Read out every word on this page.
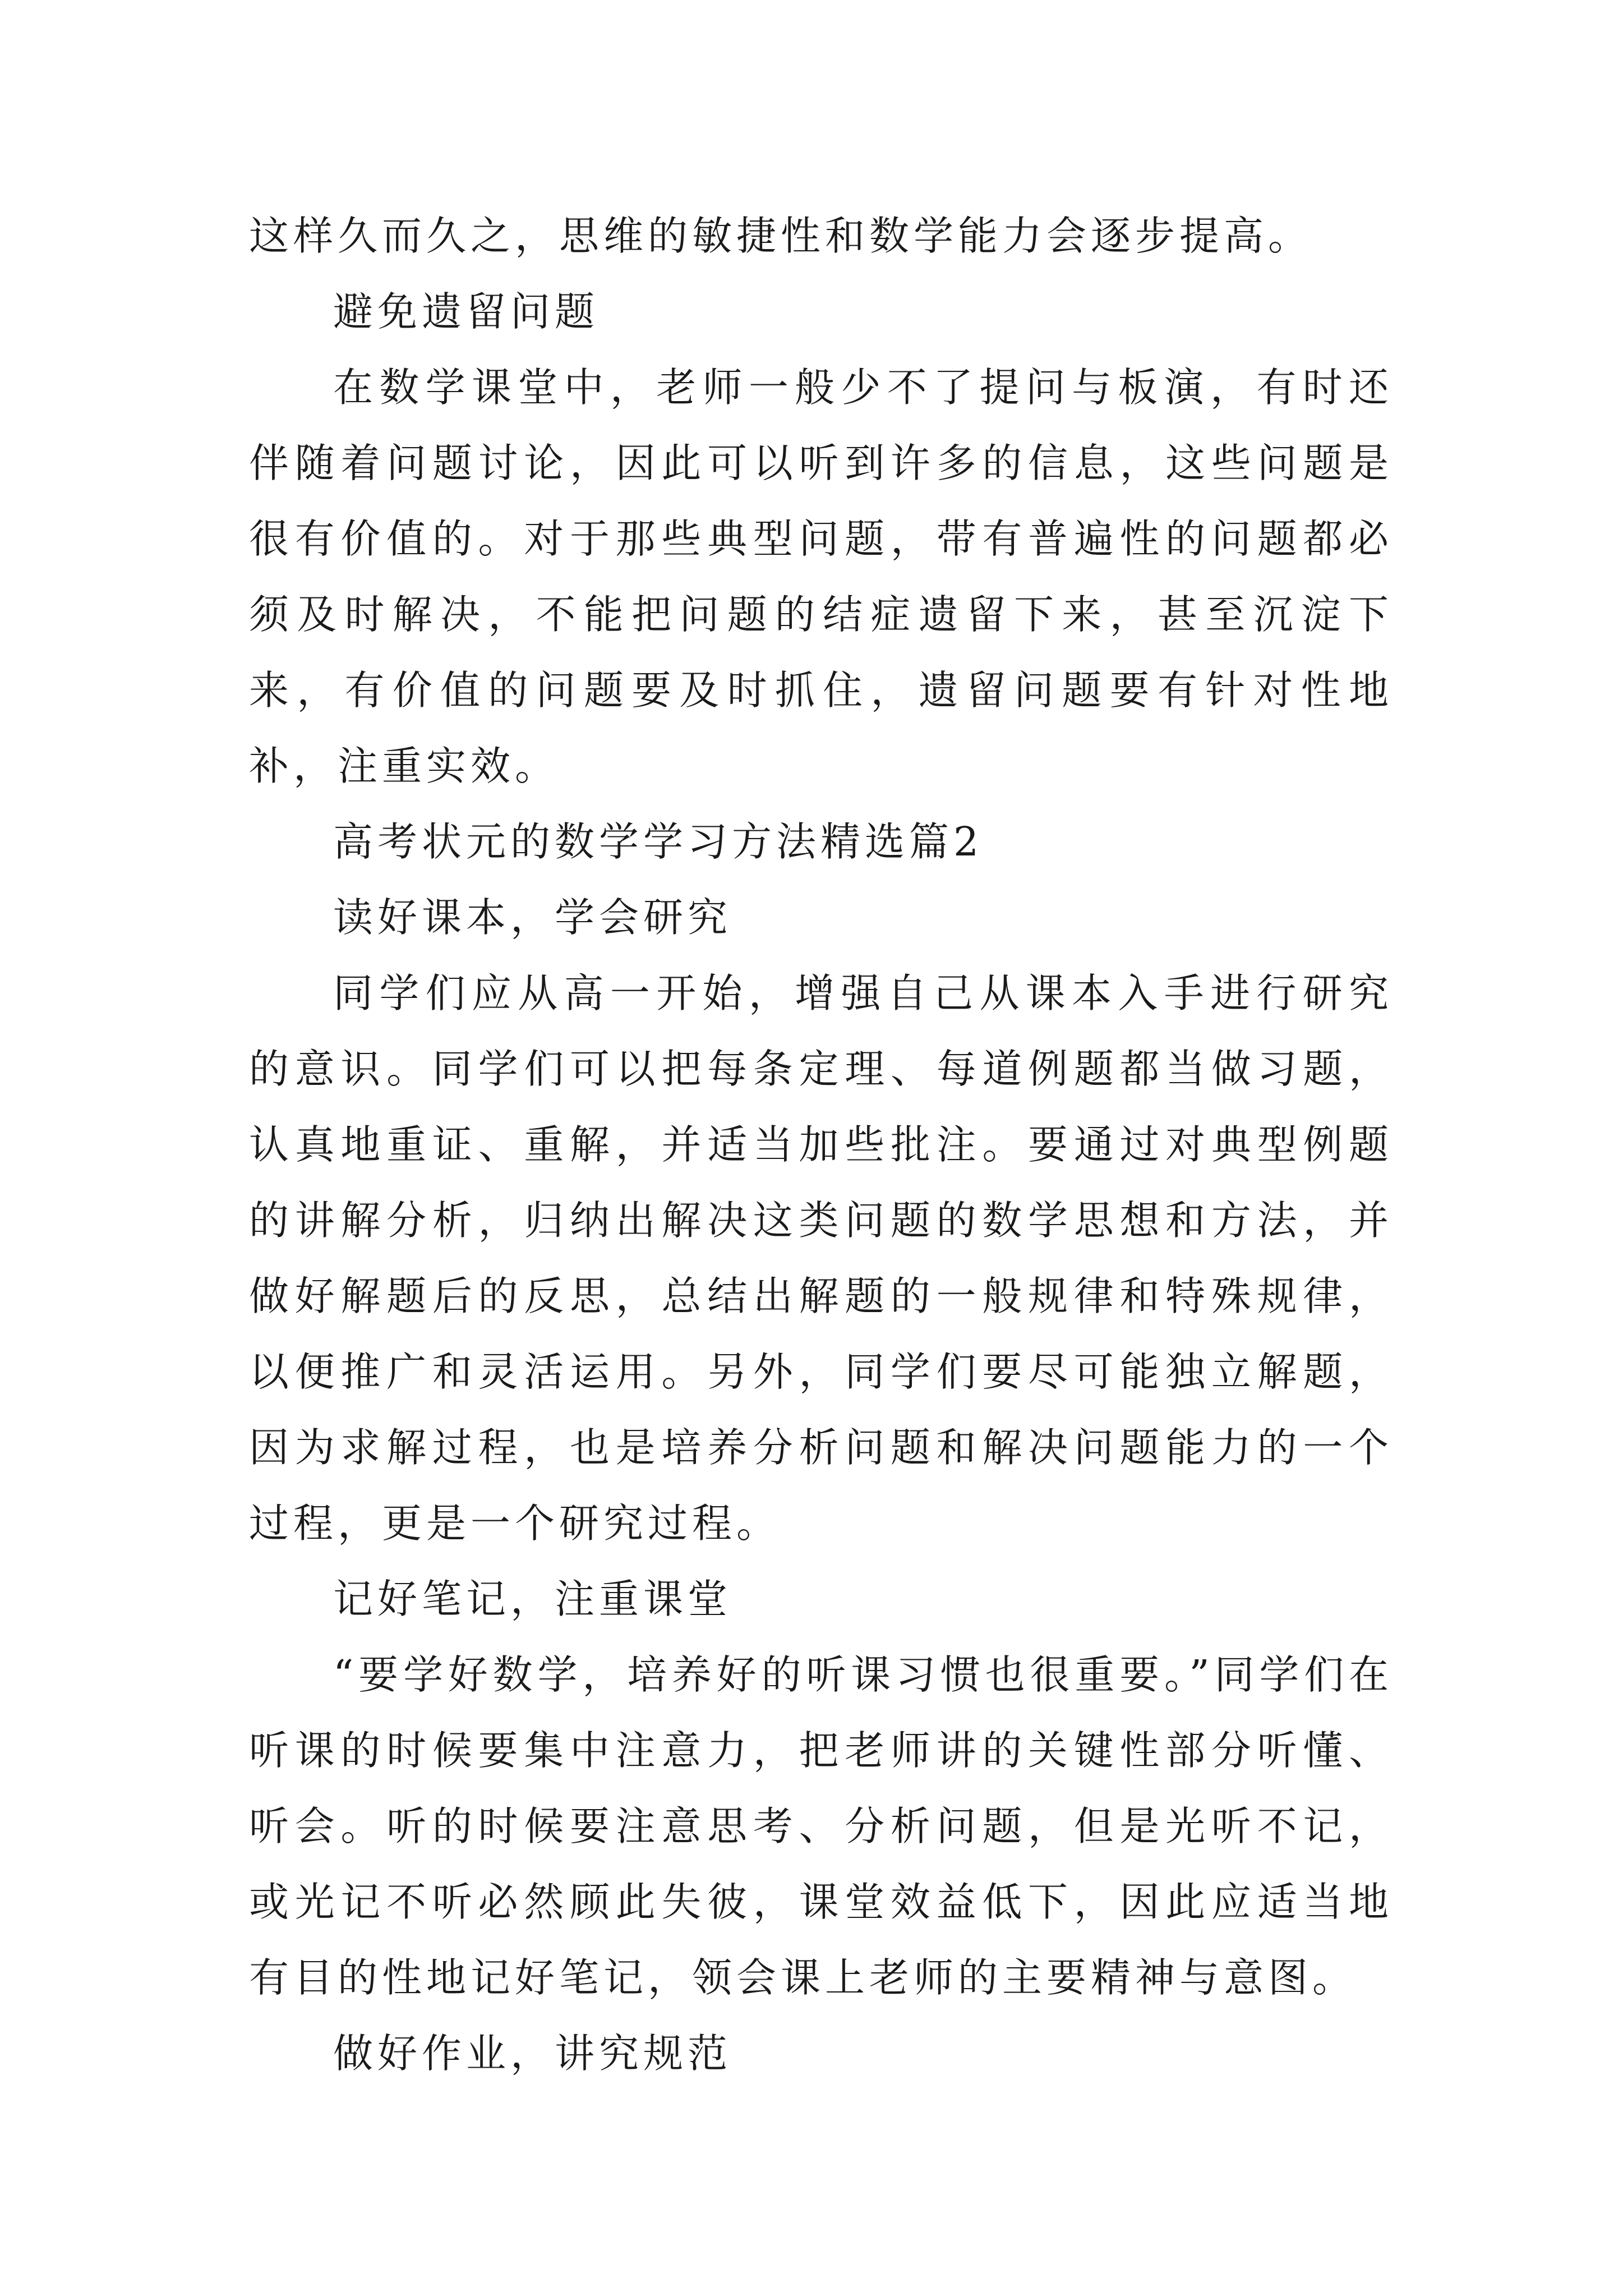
这样久而久之，思维的敏捷性和数学能力会逐步提高。

避免遗留问题

在数学课堂中，老师一般少不了提问与板演，有时还伴随着问题讨论，因此可以听到许多的信息，这些问题是很有价值的。对于那些典型问题，带有普遍性的问题都必须及时解决，不能把问题的结症遗留下来，甚至沉淀下来，有价值的问题要及时抓住，遗留问题要有针对性地补，注重实效。

高考状元的数学学习方法精选篇2

读好课本，学会研究

同学们应从高一开始，增强自己从课本入手进行研究的意识。同学们可以把每条定理、每道例题都当做习题，认真地重证、重解，并适当加些批注。要通过对典型例题的讲解分析，归纳出解决这类问题的数学思想和方法，并做好解题后的反思，总结出解题的一般规律和特殊规律，以便推广和灵活运用。另外，同学们要尽可能独立解题，因为求解过程，也是培养分析问题和解决问题能力的一个过程，更是一个研究过程。

记好笔记，注重课堂

“要学好数学，培养好的听课习惯也很重要。”同学们在听课的时候要集中注意力，把老师讲的关键性部分听懂、听会。听的时候要注意思考、分析问题，但是光听不记，或光记不听必然顾此失彼，课堂效益低下，因此应适当地有目的性地记好笔记，领会课上老师的主要精神与意图。

做好作业，讲究规范
